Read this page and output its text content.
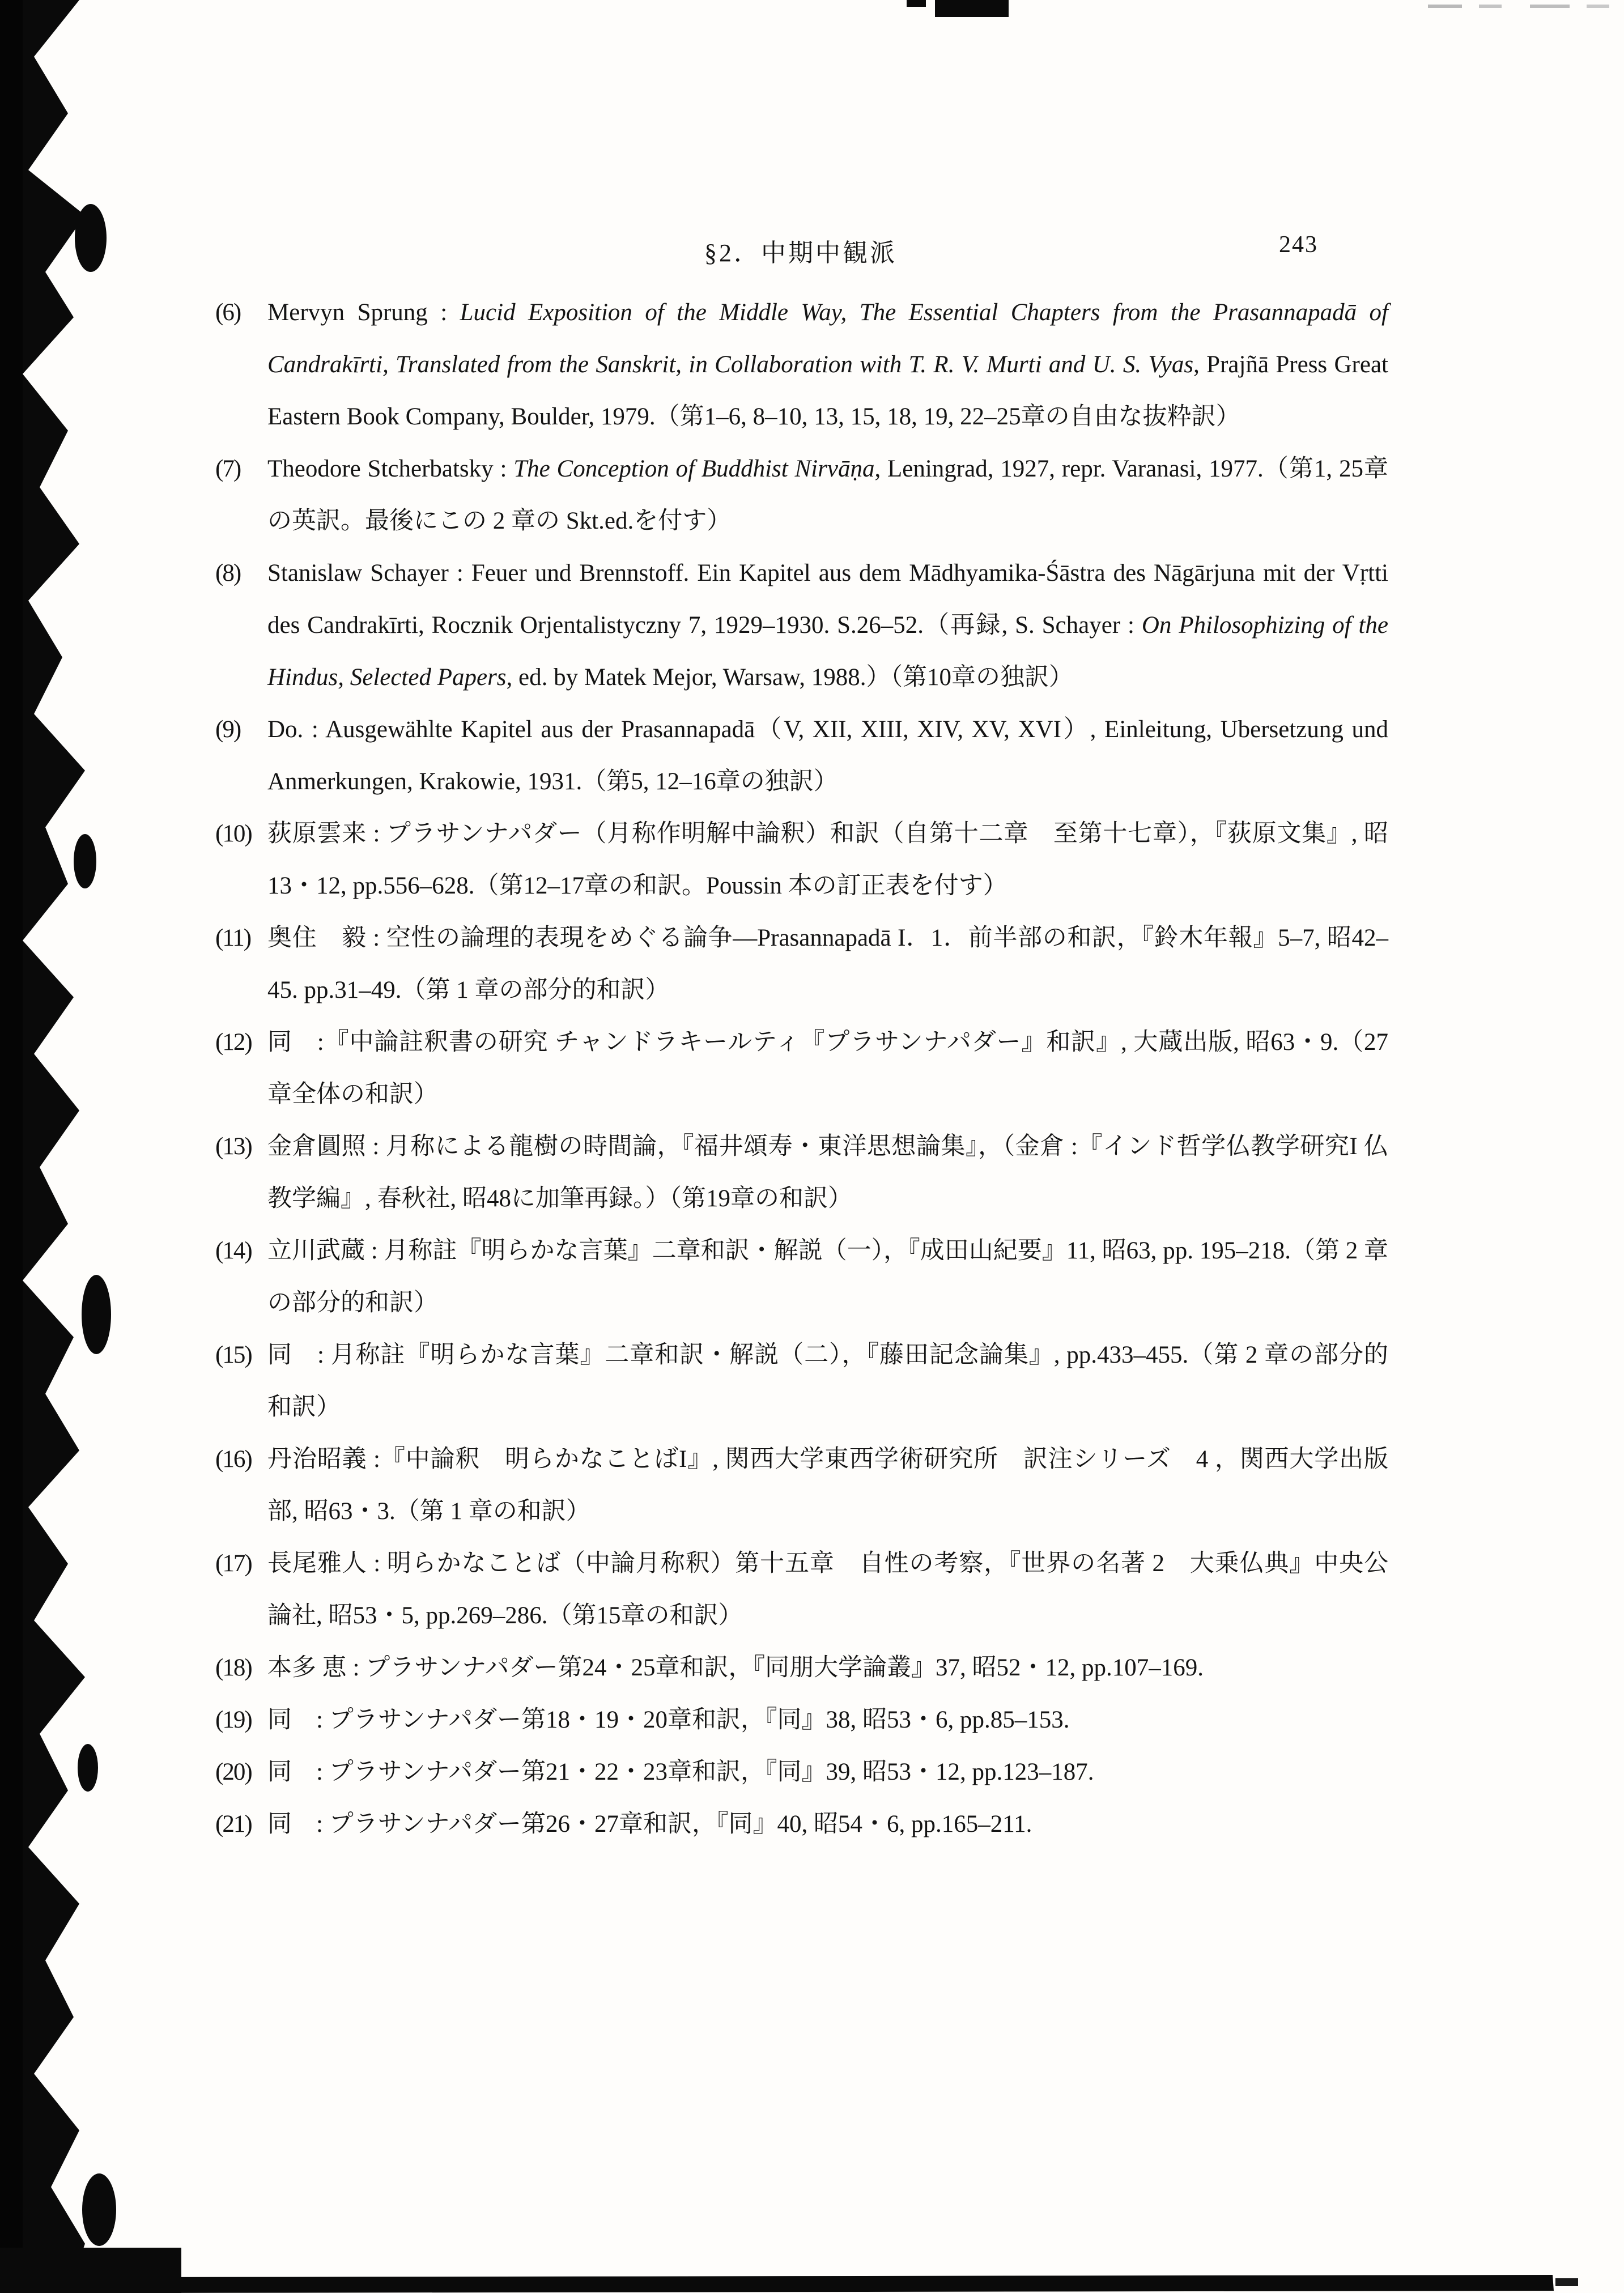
§2．中期中観派	243
(6)	Mervyn Sprung : Lucid Exposition of the Middle Way, The Essential Chapters from the Prasannapadā of Candrakīrti, Translated from the Sanskrit, in Collaboration with T. R. V. Murti and U. S. Vyas, Prajñā Press Great Eastern Book Company, Boulder, 1979.（第1–6, 8–10, 13, 15, 18, 19, 22–25章の自由な抜粋訳）
(7)	Theodore Stcherbatsky : The Conception of Buddhist Nirvāṇa, Leningrad, 1927, repr. Varanasi, 1977.（第1, 25章の英訳。最後にこの 2 章の Skt.ed.を付す）
(8)	Stanislaw Schayer : Feuer und Brennstoff. Ein Kapitel aus dem Mādhyamika-Śāstra des Nāgārjuna mit der Vṛtti des Candrakīrti, Rocznik Orjentalistyczny 7, 1929–1930. S.26–52.（再録, S. Schayer : On Philosophizing of the Hindus, Selected Papers, ed. by Matek Mejor, Warsaw, 1988.）（第10章の独訳）
(9)	Do. : Ausgewählte Kapitel aus der Prasannapadā（V, XII, XIII, XIV, XV, XVI）, Einleitung, Ubersetzung und Anmerkungen, Krakowie, 1931.（第5, 12–16章の独訳）
(10) 荻原雲来 : プラサンナパダー（月称作明解中論釈）和訳（自第十二章　至第十七章），『荻原文集』, 昭13・12, pp.556–628.（第12–17章の和訳。Poussin 本の訂正表を付す）
(11) 奥住　毅 : 空性の論理的表現をめぐる論争―Prasannapadā I．1．前半部の和訳，『鈴木年報』5–7, 昭42–45. pp.31–49.（第 1 章の部分的和訳）
(12) 同　:『中論註釈書の研究 チャンドラキールティ『プラサンナパダー』和訳』, 大蔵出版, 昭63・9.（27章全体の和訳）
(13) 金倉圓照 : 月称による龍樹の時間論，『福井頌寿・東洋思想論集』，（金倉 :『インド哲学仏教学研究I 仏教学編』, 春秋社, 昭48に加筆再録。）（第19章の和訳）
(14) 立川武蔵 : 月称註『明らかな言葉』二章和訳・解説（一），『成田山紀要』11, 昭63, pp. 195–218.（第 2 章の部分的和訳）
(15) 同　: 月称註『明らかな言葉』二章和訳・解説（二），『藤田記念論集』, pp.433–455.（第 2 章の部分的和訳）
(16) 丹治昭義 :『中論釈　明らかなことばI』, 関西大学東西学術研究所　訳注シリーズ　4 ，関西大学出版部, 昭63・3.（第 1 章の和訳）
(17) 長尾雅人 : 明らかなことば（中論月称釈）第十五章　自性の考察，『世界の名著 2　大乗仏典』中央公論社, 昭53・5, pp.269–286.（第15章の和訳）
(18) 本多 恵 : プラサンナパダー第24・25章和訳，『同朋大学論叢』37, 昭52・12, pp.107–169.
(19) 同　: プラサンナパダー第18・19・20章和訳，『同』38, 昭53・6, pp.85–153.
(20) 同　: プラサンナパダー第21・22・23章和訳，『同』39, 昭53・12, pp.123–187.
(21) 同　: プラサンナパダー第26・27章和訳，『同』40, 昭54・6, pp.165–211.
